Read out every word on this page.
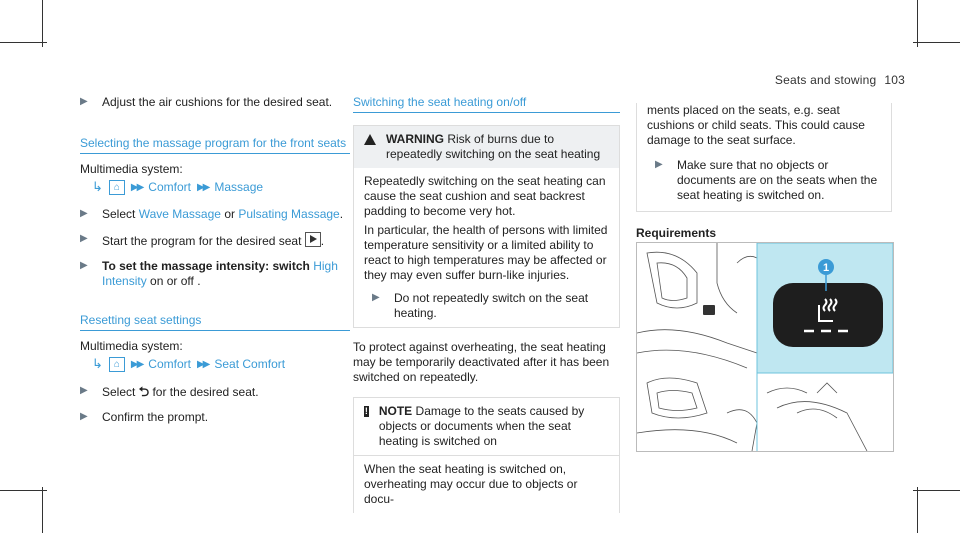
Seats and stowing 103
▶	Adjust the air cushions for the desired seat.

Selecting the massage program for the front seats

Multimedia system:

↳	⌂	▶▶ Comfort ▶▶ Massage
▶	Select Wave Massage or Pulsating Massage.

▶	Start the program for the desired seat .

▶	To set the massage intensity: switch High
Intensity on or off .

Resetting seat settings

Multimedia system:

↳	⌂	▶▶ Comfort ▶▶ Seat Comfort
▶	Select ⮌ for the desired seat.

▶	Confirm the prompt.

Switching the seat heating on/off

WARNING Risk of burns due to repeatedly switching on the seat heating

Repeatedly switching on the seat heating can cause the seat cushion and seat backrest padding to become very hot.

In particular, the health of persons with limited temperature sensitivity or a limited ability to react to high temperatures may be affected or they may even suffer burn-like injuries.

▶	Do not repeatedly switch on the seat heating.

To protect against overheating, the seat heating may be temporarily deactivated after it has been switched on repeatedly.

! NOTE Damage to the seats caused by objects or documents when the seat heating is switched on

When the seat heating is switched on, overheating may occur due to objects or docu-

ments placed on the seats, e.g. seat cushions or child seats. This could cause damage to the seat surface.

▶	Make sure that no objects or documents are on the seats when the seat heating is switched on.

Requirements

1
